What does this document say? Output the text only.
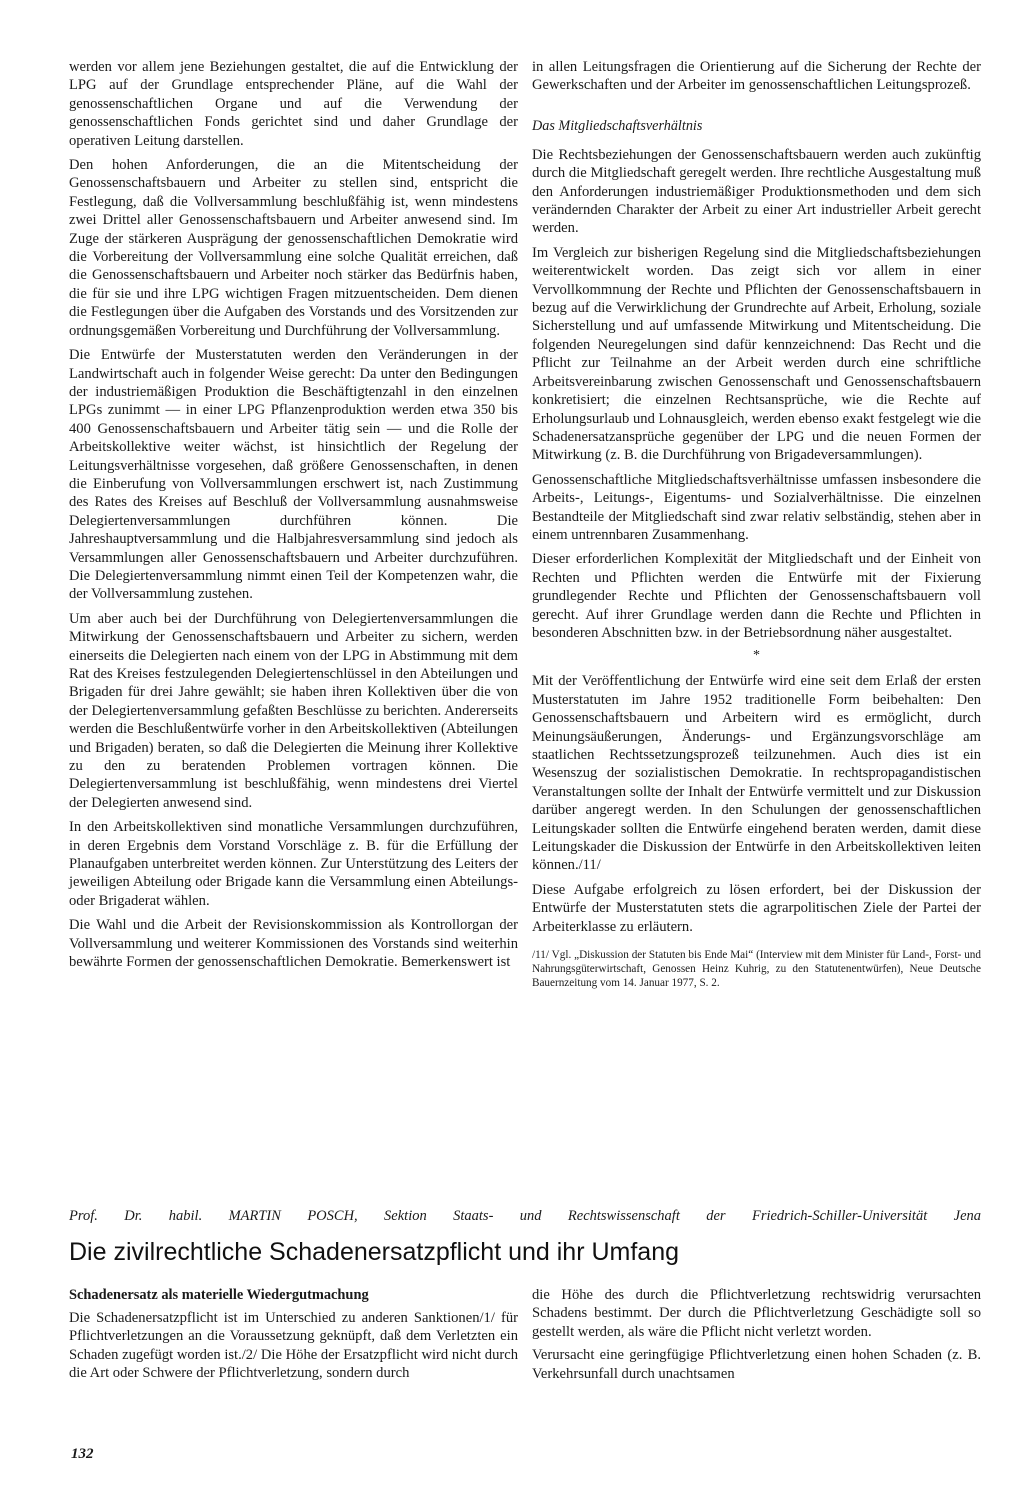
werden vor allem jene Beziehungen gestaltet, die auf die Entwicklung der LPG auf der Grundlage entsprechender Pläne, auf die Wahl der genossenschaftlichen Organe und auf die Verwendung der genossenschaftlichen Fonds gerichtet sind und daher Grundlage der operativen Leitung darstellen.

Den hohen Anforderungen, die an die Mitentscheidung der Genossenschaftsbauern und Arbeiter zu stellen sind, entspricht die Festlegung, daß die Vollversammlung beschlußfähig ist, wenn mindestens zwei Drittel aller Genossenschaftsbauern und Arbeiter anwesend sind. Im Zuge der stärkeren Ausprägung der genossenschaftlichen Demokratie wird die Vorbereitung der Vollversammlung eine solche Qualität erreichen, daß die Genossenschaftsbauern und Arbeiter noch stärker das Bedürfnis haben, die für sie und ihre LPG wichtigen Fragen mitzuentscheiden. Dem dienen die Festlegungen über die Aufgaben des Vorstands und des Vorsitzenden zur ordnungsgemäßen Vorbereitung und Durchführung der Vollversammlung.

Die Entwürfe der Musterstatuten werden den Veränderungen in der Landwirtschaft auch in folgender Weise gerecht: Da unter den Bedingungen der industriemäßigen Produktion die Beschäftigtenzahl in den einzelnen LPGs zunimmt — in einer LPG Pflanzenproduktion werden etwa 350 bis 400 Genossenschaftsbauern und Arbeiter tätig sein — und die Rolle der Arbeitskollektive weiter wächst, ist hinsichtlich der Regelung der Leitungsverhältnisse vorgesehen, daß größere Genossenschaften, in denen die Einberufung von Vollversammlungen erschwert ist, nach Zustimmung des Rates des Kreises auf Beschluß der Vollversammlung ausnahmsweise Delegiertenversammlungen durchführen können. Die Jahreshauptversammlung und die Halbjahresversammlung sind jedoch als Versammlungen aller Genossenschaftsbauern und Arbeiter durchzuführen. Die Delegiertenversammlung nimmt einen Teil der Kompetenzen wahr, die der Vollversammlung zustehen.

Um aber auch bei der Durchführung von Delegiertenversammlungen die Mitwirkung der Genossenschaftsbauern und Arbeiter zu sichern, werden einerseits die Delegierten nach einem von der LPG in Abstimmung mit dem Rat des Kreises festzulegenden Delegiertenschlüssel in den Abteilungen und Brigaden für drei Jahre gewählt; sie haben ihren Kollektiven über die von der Delegiertenversammlung gefaßten Beschlüsse zu berichten. Andererseits werden die Beschlußentwürfe vorher in den Arbeitskollektiven (Abteilungen und Brigaden) beraten, so daß die Delegierten die Meinung ihrer Kollektive zu den zu beratenden Problemen vortragen können. Die Delegiertenversammlung ist beschlußfähig, wenn mindestens drei Viertel der Delegierten anwesend sind.

In den Arbeitskollektiven sind monatliche Versammlungen durchzuführen, in deren Ergebnis dem Vorstand Vorschläge z. B. für die Erfüllung der Planaufgaben unterbreitet werden können. Zur Unterstützung des Leiters der jeweiligen Abteilung oder Brigade kann die Versammlung einen Abteilungs- oder Brigaderat wählen.

Die Wahl und die Arbeit der Revisionskommission als Kontrollorgan der Vollversammlung und weiterer Kommissionen des Vorstands sind weiterhin bewährte Formen der genossenschaftlichen Demokratie. Bemerkenswert ist

in allen Leitungsfragen die Orientierung auf die Sicherung der Rechte der Gewerkschaften und der Arbeiter im genossenschaftlichen Leitungsprozeß.

Das Mitgliedschaftsverhältnis

Die Rechtsbeziehungen der Genossenschaftsbauern werden auch zukünftig durch die Mitgliedschaft geregelt werden. Ihre rechtliche Ausgestaltung muß den Anforderungen industriemäßiger Produktionsmethoden und dem sich verändernden Charakter der Arbeit zu einer Art industrieller Arbeit gerecht werden.

Im Vergleich zur bisherigen Regelung sind die Mitgliedschaftsbeziehungen weiterentwickelt worden. Das zeigt sich vor allem in einer Vervollkommnung der Rechte und Pflichten der Genossenschaftsbauern in bezug auf die Verwirklichung der Grundrechte auf Arbeit, Erholung, soziale Sicherstellung und auf umfassende Mitwirkung und Mitentscheidung. Die folgenden Neuregelungen sind dafür kennzeichnend: Das Recht und die Pflicht zur Teilnahme an der Arbeit werden durch eine schriftliche Arbeitsvereinbarung zwischen Genossenschaft und Genossenschaftsbauern konkretisiert; die einzelnen Rechtsansprüche, wie die Rechte auf Erholungsurlaub und Lohnausgleich, werden ebenso exakt festgelegt wie die Schadenersatzansprüche gegenüber der LPG und die neuen Formen der Mitwirkung (z. B. die Durchführung von Brigadeversammlungen).

Genossenschaftliche Mitgliedschaftsverhältnisse umfassen insbesondere die Arbeits-, Leitungs-, Eigentums- und Sozialverhältnisse. Die einzelnen Bestandteile der Mitgliedschaft sind zwar relativ selbständig, stehen aber in einem untrennbaren Zusammenhang.

Dieser erforderlichen Komplexität der Mitgliedschaft und der Einheit von Rechten und Pflichten werden die Entwürfe mit der Fixierung grundlegender Rechte und Pflichten der Genossenschaftsbauern voll gerecht. Auf ihrer Grundlage werden dann die Rechte und Pflichten in besonderen Abschnitten bzw. in der Betriebsordnung näher ausgestaltet.

*

Mit der Veröffentlichung der Entwürfe wird eine seit dem Erlaß der ersten Musterstatuten im Jahre 1952 traditionelle Form beibehalten: Den Genossenschaftsbauern und Arbeitern wird es ermöglicht, durch Meinungsäußerungen, Änderungs- und Ergänzungsvorschläge am staatlichen Rechtssetzungsprozeß teilzunehmen. Auch dies ist ein Wesenszug der sozialistischen Demokratie. In rechtspropagandistischen Veranstaltungen sollte der Inhalt der Entwürfe vermittelt und zur Diskussion darüber angeregt werden. In den Schulungen der genossenschaftlichen Leitungskader sollten die Entwürfe eingehend beraten werden, damit diese Leitungskader die Diskussion der Entwürfe in den Arbeitskollektiven leiten können./11/

Diese Aufgabe erfolgreich zu lösen erfordert, bei der Diskussion der Entwürfe der Musterstatuten stets die agrarpolitischen Ziele der Partei der Arbeiterklasse zu erläutern.

/11/ Vgl. „Diskussion der Statuten bis Ende Mai“ (Interview mit dem Minister für Land-, Forst- und Nahrungsgüterwirtschaft, Genossen Heinz Kuhrig, zu den Statutenentwürfen), Neue Deutsche Bauernzeitung vom 14. Januar 1977, S. 2.

Prof. Dr. habil. MARTIN POSCH, Sektion Staats- und Rechtswissenschaft der Friedrich-Schiller-Universität Jena
Die zivilrechtliche Schadenersatzpflicht und ihr Umfang
Schadenersatz als materielle Wiedergutmachung

Die Schadenersatzpflicht ist im Unterschied zu anderen Sanktionen/1/ für Pflichtverletzungen an die Voraussetzung geknüpft, daß dem Verletzten ein Schaden zugefügt worden ist./2/ Die Höhe der Ersatzpflicht wird nicht durch die Art oder Schwere der Pflichtverletzung, sondern durch

die Höhe des durch die Pflichtverletzung rechtswidrig verursachten Schadens bestimmt. Der durch die Pflichtverletzung Geschädigte soll so gestellt werden, als wäre die Pflicht nicht verletzt worden.

Verursacht eine geringfügige Pflichtverletzung einen hohen Schaden (z. B. Verkehrsunfall durch unachtsamen

132
